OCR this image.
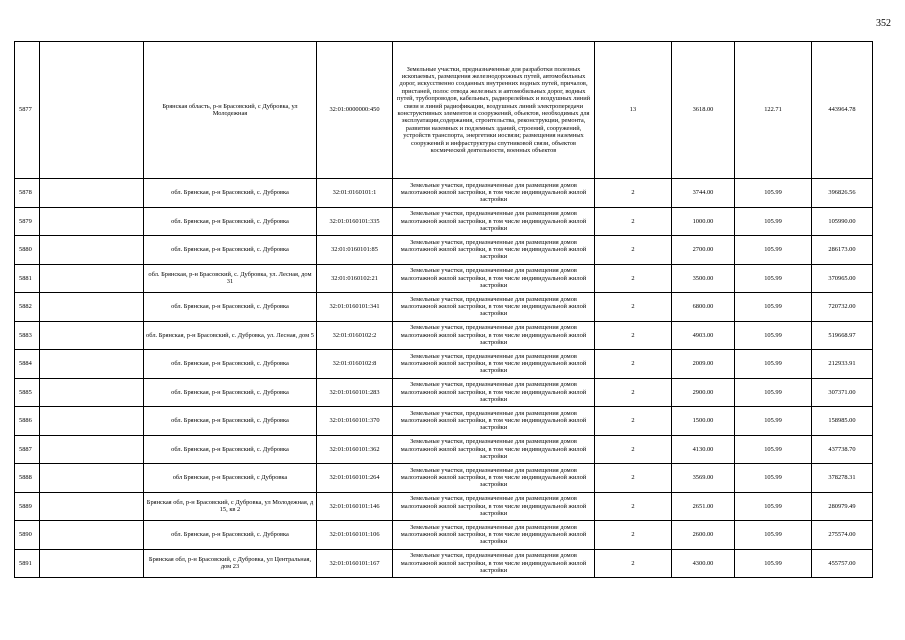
352
5877		Брянская область, р-н Брасовский, с Дубровка, ул Молодежная	32:01:0000000:450	Земельные участки, предназначенные для разработки полезных ископаемых, размещения железнодорожных путей, автомобильных дорог, искусственно созданных внутренних водных путей, причалов, пристаней, полос отвода железных и автомобильных дорог, водных путей, трубопроводов, кабельных, радиорелейных и воздушных линий связи и линий радиофикации, воздушных линий электропередачи конструктивных элементов и сооружений, объектов, необходимых для эксплуатации,содержания, строительства, реконструкции, ремонта, развития наземных и подземных зданий, строений, сооружений, устройств транспорта, энергетики иосвязи; размещения наземных сооружений и инфраструктуры спутниковой связи, объектов космической деятельности, военных объектов	13	3618.00	122.71	443964.78
5878		обл. Брянская, р-н Брасовский, с. Дубровка	32:01:0160101:1	Земельные участки, предназначенные для размещения домов малоэтажной жилой застройки, в том числе индивидуальной жилой застройки	2	3744.00	105.99	396826.56
5879		обл. Брянская, р-н Брасовский, с. Дубровка	32:01:0160101:335	Земельные участки, предназначенные для размещения домов малоэтажной жилой застройки, в том числе индивидуальной жилой застройки	2	1000.00	105.99	105990.00
5880		обл. Брянская, р-н Брасовский, с. Дубровка	32:01:0160101:85	Земельные участки, предназначенные для размещения домов малоэтажной жилой застройки, в том числе индивидуальной жилой застройки	2	2700.00	105.99	286173.00
5881		обл. Брянская, р-н Брасовский, с. Дубровка, ул. Лесная, дом 31	32:01:0160102:21	Земельные участки, предназначенные для размещения домов малоэтажной жилой застройки, в том числе индивидуальной жилой застройки	2	3500.00	105.99	370965.00
5882		обл. Брянская, р-н Брасовский, с. Дубровка	32:01:0160101:341	Земельные участки, предназначенные для размещения домов малоэтажной жилой застройки, в том числе индивидуальной жилой застройки	2	6800.00	105.99	720732.00
5883		обл. Брянская, р-н Брасовский, с. Дубровка, ул. Лесная, дом 5	32:01:0160102:2	Земельные участки, предназначенные для размещения домов малоэтажной жилой застройки, в том числе индивидуальной жилой застройки	2	4903.00	105.99	519668.97
5884		обл. Брянская, р-н Брасовский, с. Дубровка	32:01:0160102:8	Земельные участки, предназначенные для размещения домов малоэтажной жилой застройки, в том числе индивидуальной жилой застройки	2	2009.00	105.99	212933.91
5885		обл. Брянская, р-н Брасовский, с. Дубровка	32:01:0160101:283	Земельные участки, предназначенные для размещения домов малоэтажной жилой застройки, в том числе индивидуальной жилой застройки	2	2900.00	105.99	307371.00
5886		обл. Брянская, р-н Брасовский, с. Дубровка	32:01:0160101:370	Земельные участки, предназначенные для размещения домов малоэтажной жилой застройки, в том числе индивидуальной жилой застройки	2	1500.00	105.99	158985.00
5887		обл. Брянская, р-н Брасовский, с. Дубровка	32:01:0160101:362	Земельные участки, предназначенные для размещения домов малоэтажной жилой застройки, в том числе индивидуальной жилой застройки	2	4130.00	105.99	437738.70
5888		обл Брянская, р-н Брасовский, с Дубровка	32:01:0160101:264	Земельные участки, предназначенные для размещения домов малоэтажной жилой застройки, в том числе индивидуальной жилой застройки	2	3569.00	105.99	378278.31
5889		Брянская обл, р-н Брасовский, с Дубровка, ул Молодежная, д 15, кв 2	32:01:0160101:146	Земельные участки, предназначенные для размещения домов малоэтажной жилой застройки, в том числе индивидуальной жилой застройки	2	2651.00	105.99	280979.49
5890		обл. Брянская, р-н Брасовский, с. Дубровка	32:01:0160101:106	Земельные участки, предназначенные для размещения домов малоэтажной жилой застройки, в том числе индивидуальной жилой застройки	2	2600.00	105.99	275574.00
5891		Брянская обл, р-н Брасовский, с Дубровка, ул Центральная, дом 23	32:01:0160101:167	Земельные участки, предназначенные для размещения домов малоэтажной жилой застройки, в том числе индивидуальной жилой застройки	2	4300.00	105.99	455757.00
